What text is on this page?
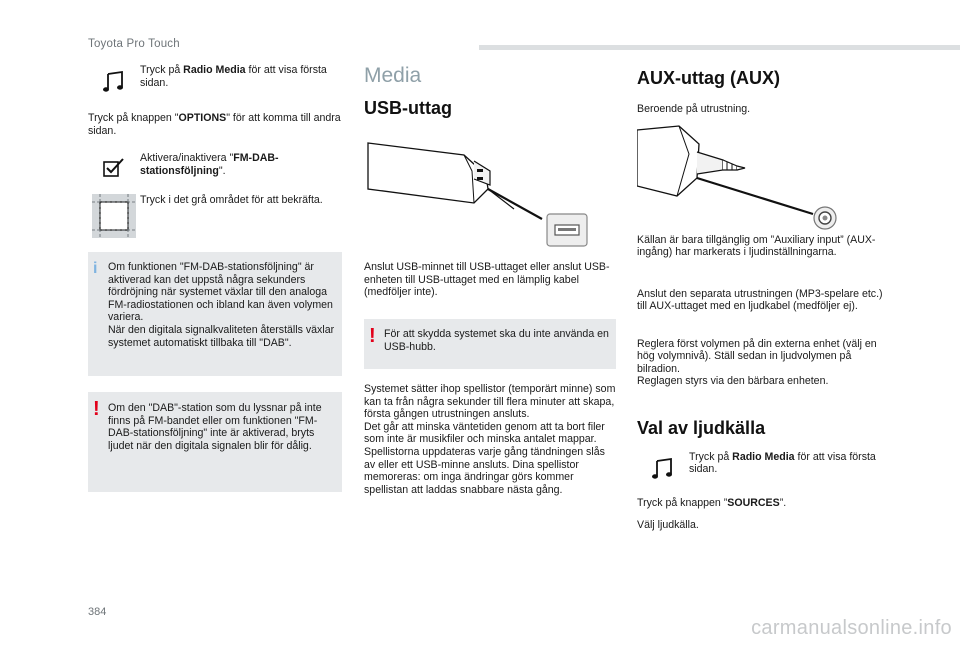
Toyota Pro Touch
Tryck på Radio Media för att visa första sidan.
Tryck på knappen "OPTIONS" för att komma till andra sidan.
Aktivera/inaktivera "FM-DAB-stationsföljning".
Tryck i det grå området för att bekräfta.
i Om funktionen "FM-DAB-stationsföljning" är aktiverad kan det uppstå några sekunders fördröjning när systemet växlar till den analoga FM-radiostationen och ibland kan även volymen variera.
När den digitala signalkvaliteten återställs växlar systemet automatiskt tillbaka till "DAB".
! Om den "DAB"-station som du lyssnar på inte finns på FM-bandet eller om funktionen "FM-DAB-stationsföljning" inte är aktiverad, bryts ljudet när den digitala signalen blir för dålig.
Media
USB-uttag
Anslut USB-minnet till USB-uttaget eller anslut USB-enheten till USB-uttaget med en lämplig kabel (medföljer inte).
! För att skydda systemet ska du inte använda en USB-hubb.
Systemet sätter ihop spellistor (temporärt minne) som kan ta från några sekunder till flera minuter att skapa, första gången utrustningen ansluts.
Det går att minska väntetiden genom att ta bort filer som inte är musikfiler och minska antalet mappar.
Spellistorna uppdateras varje gång tändningen slås av eller ett USB-minne ansluts. Dina spellistor memoreras: om inga ändringar görs kommer spellistan att laddas snabbare nästa gång.
AUX-uttag (AUX)
Beroende på utrustning.
Källan är bara tillgänglig om ”Auxiliary input” (AUX-ingång) har markerats i ljudinställningarna.
Anslut den separata utrustningen (MP3-spelare etc.) till AUX-uttaget med en ljudkabel (medföljer ej).
Reglera först volymen på din externa enhet (välj en hög volymnivå). Ställ sedan in ljudvolymen på bilradion.
Reglagen styrs via den bärbara enheten.
Val av ljudkälla
Tryck på Radio Media för att visa första sidan.
Tryck på knappen ”SOURCES”.
Välj ljudkälla.
384
carmanualsonline.info
